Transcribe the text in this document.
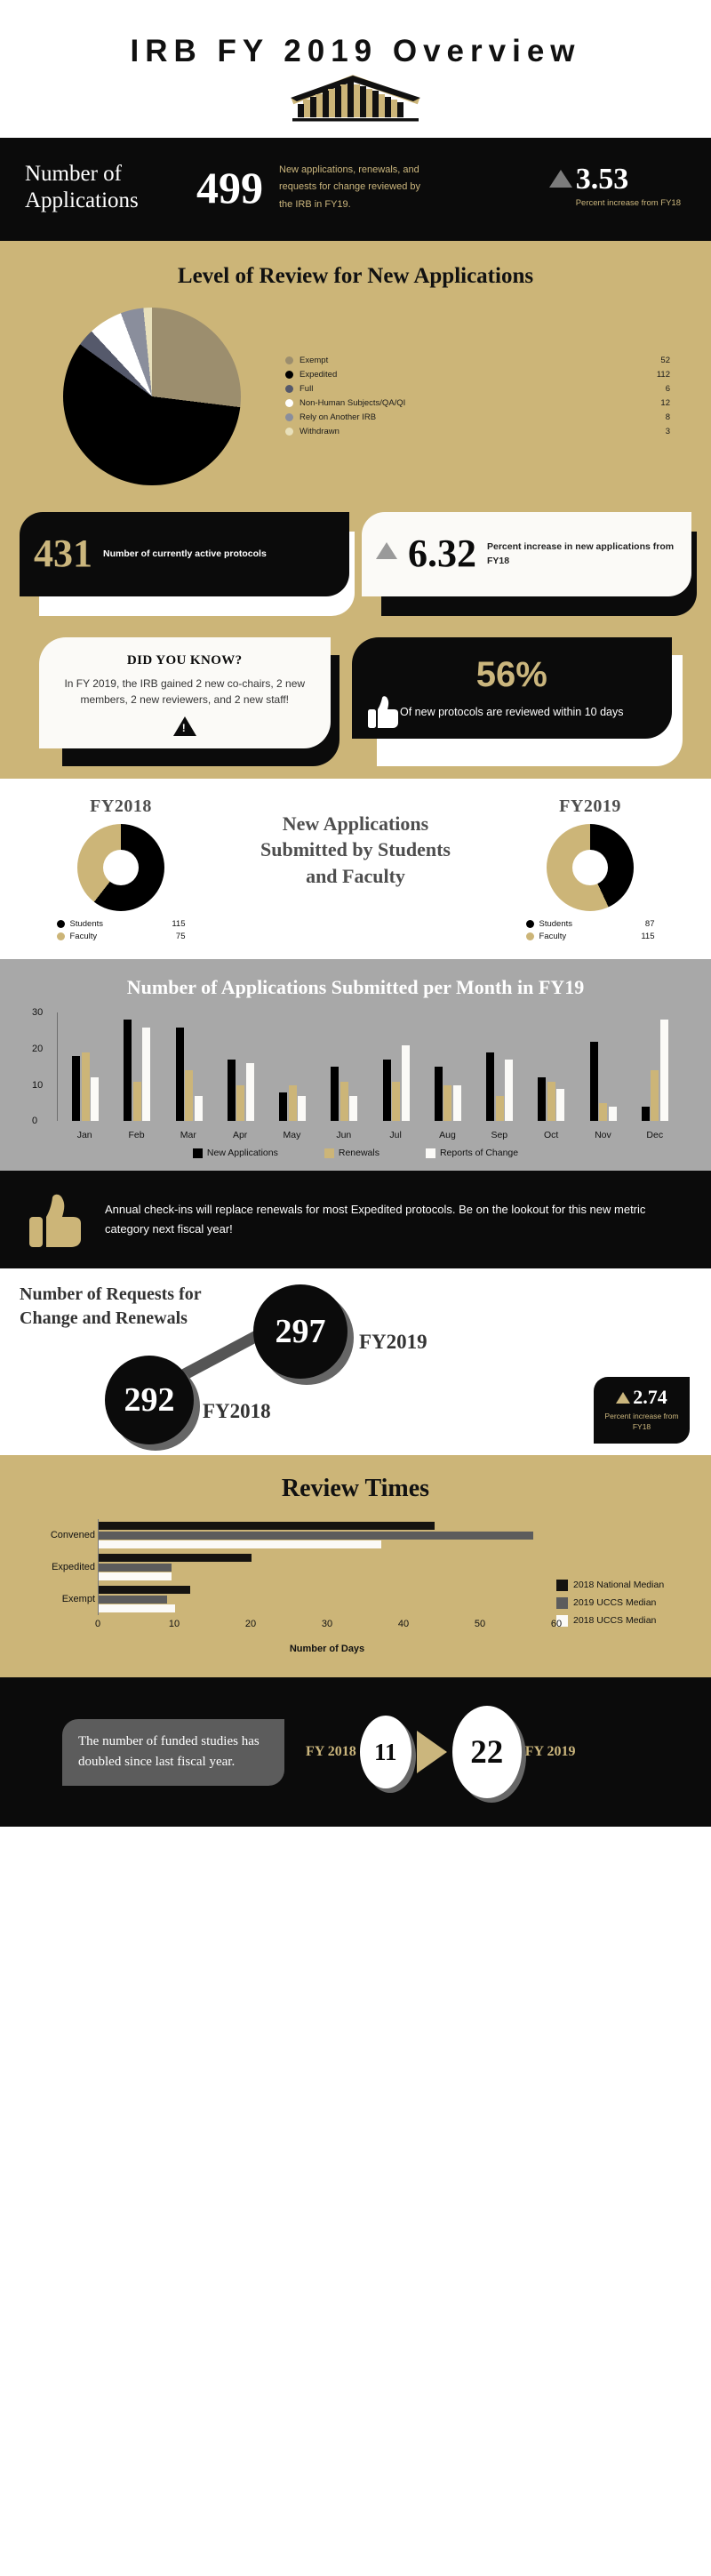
IRB FY 2019 Overview
Number of Applications	499	New applications, renewals, and requests for change reviewed by the IRB in FY19.
3.53
Percent increase from FY18
Level of Review for New Applications
Exempt	52
Expedited	112
Full	6
Non-Human Subjects/QA/QI	12
Rely on Another IRB	8
Withdrawn	3
431 Number of currently active protocols	6.32 Percent increase in new applications from FY18
DID YOU KNOW?
In FY 2019, the IRB gained 2 new co-chairs, 2 new members, 2 new reviewers, and 2 new staff!
!
56%
Of new protocols are reviewed within 10 days
FY2018
Students	115
Faculty	75
New Applications Submitted by Students and Faculty
FY2019
Students	87
Faculty	115
Number of Applications Submitted per Month in FY19
0
10
20
30
Jan	Feb	Mar	Apr	May	Jun	Jul	Aug	Sep	Oct	Nov	Dec
New Applications	Renewals	Reports of Change
Annual check-ins will replace renewals for most Expedited protocols. Be on the lookout for this new metric category next fiscal year!
Number of Requests for Change and Renewals
292
297
FY2018
FY2019
2.74
Percent increase from FY18
Review Times
Convened
Expedited
Exempt
0	10	20	30	40	50	60
Number of Days
2018 National Median
2019 UCCS Median
2018 UCCS Median
The number of funded studies has doubled since last fiscal year.
FY 2018 11 22 FY 2019
